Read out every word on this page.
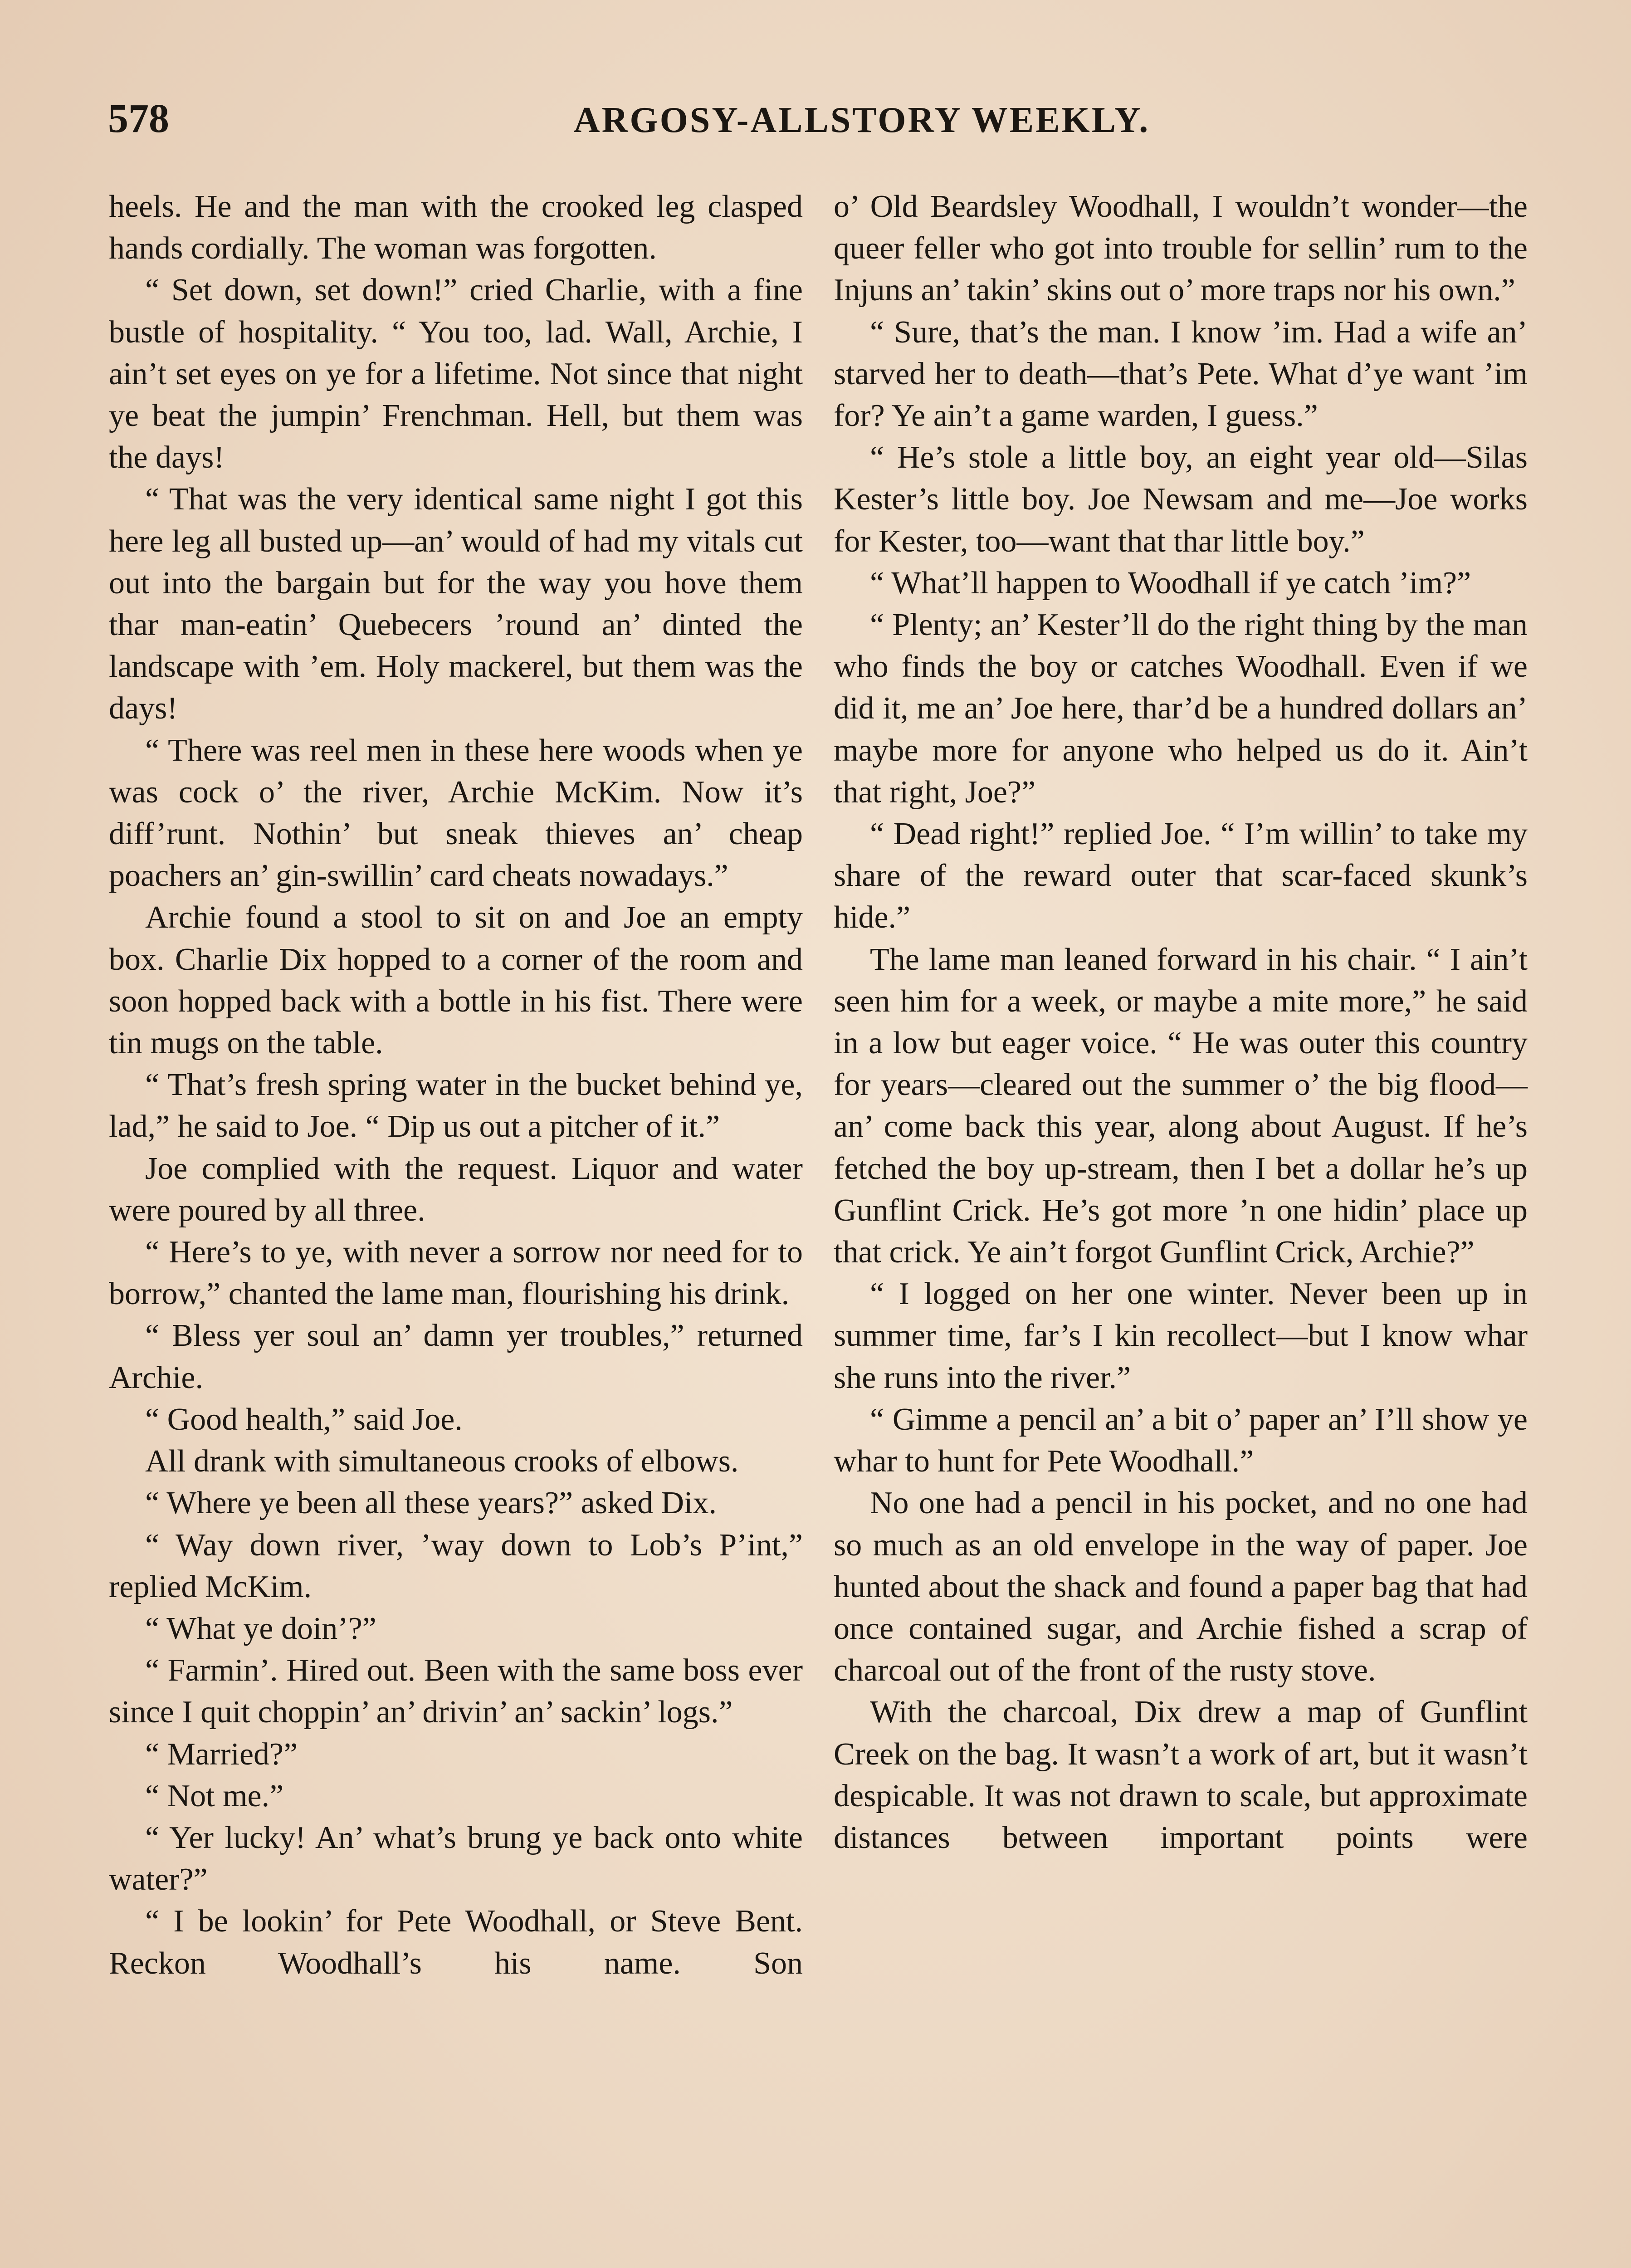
578	ARGOSY-ALLSTORY WEEKLY.

heels. He and the man with the crooked leg clasped hands cordially. The woman was forgotten.

“ Set down, set down!” cried Charlie, with a fine bustle of hospitality. “ You too, lad. Wall, Archie, I ain’t set eyes on ye for a lifetime. Not since that night ye beat the jumpin’ Frenchman. Hell, but them was the days!

“ That was the very identical same night I got this here leg all busted up—an’ would of had my vitals cut out into the bargain but for the way you hove them thar man-eatin’ Quebecers ’round an’ dinted the landscape with ’em. Holy mackerel, but them was the days!

“ There was reel men in these here woods when ye was cock o’ the river, Archie McKim. Now it’s diff’runt. Nothin’ but sneak thieves an’ cheap poachers an’ gin-swillin’ card cheats nowadays.”

Archie found a stool to sit on and Joe an empty box. Charlie Dix hopped to a corner of the room and soon hopped back with a bottle in his fist. There were tin mugs on the table.

“ That’s fresh spring water in the bucket behind ye, lad,” he said to Joe. “ Dip us out a pitcher of it.”

Joe complied with the request. Liquor and water were poured by all three.

“ Here’s to ye, with never a sorrow nor need for to borrow,” chanted the lame man, flourishing his drink.

“ Bless yer soul an’ damn yer troubles,” returned Archie.

“ Good health,” said Joe.

All drank with simultaneous crooks of elbows.

“ Where ye been all these years?” asked Dix.

“ Way down river, ’way down to Lob’s P’int,” replied McKim.

“ What ye doin’?”

“ Farmin’. Hired out. Been with the same boss ever since I quit choppin’ an’ drivin’ an’ sackin’ logs.”

“ Married?”

“ Not me.”

“ Yer lucky! An’ what’s brung ye back onto white water?”

“ I be lookin’ for Pete Woodhall, or Steve Bent. Reckon Woodhall’s his name. Son

o’ Old Beardsley Woodhall, I wouldn’t wonder—the queer feller who got into trouble for sellin’ rum to the Injuns an’ takin’ skins out o’ more traps nor his own.”

“ Sure, that’s the man. I know ’im. Had a wife an’ starved her to death—that’s Pete. What d’ye want ’im for? Ye ain’t a game warden, I guess.”

“ He’s stole a little boy, an eight year old—Silas Kester’s little boy. Joe Newsam and me—Joe works for Kester, too—want that thar little boy.”

“ What’ll happen to Woodhall if ye catch ’im?”

“ Plenty; an’ Kester’ll do the right thing by the man who finds the boy or catches Woodhall. Even if we did it, me an’ Joe here, thar’d be a hundred dollars an’ maybe more for anyone who helped us do it. Ain’t that right, Joe?”

“ Dead right!” replied Joe. “ I’m willin’ to take my share of the reward outer that scar-faced skunk’s hide.”

The lame man leaned forward in his chair. “ I ain’t seen him for a week, or maybe a mite more,” he said in a low but eager voice. “ He was outer this country for years—cleared out the summer o’ the big flood—an’ come back this year, along about August. If he’s fetched the boy up-stream, then I bet a dollar he’s up Gunflint Crick. He’s got more ’n one hidin’ place up that crick. Ye ain’t forgot Gunflint Crick, Archie?”

“ I logged on her one winter. Never been up in summer time, far’s I kin recollect—but I know whar she runs into the river.”

“ Gimme a pencil an’ a bit o’ paper an’ I’ll show ye whar to hunt for Pete Woodhall.”

No one had a pencil in his pocket, and no one had so much as an old envelope in the way of paper. Joe hunted about the shack and found a paper bag that had once contained sugar, and Archie fished a scrap of charcoal out of the front of the rusty stove.

With the charcoal, Dix drew a map of Gunflint Creek on the bag. It wasn’t a work of art, but it wasn’t despicable. It was not drawn to scale, but approximate distances between important points were
